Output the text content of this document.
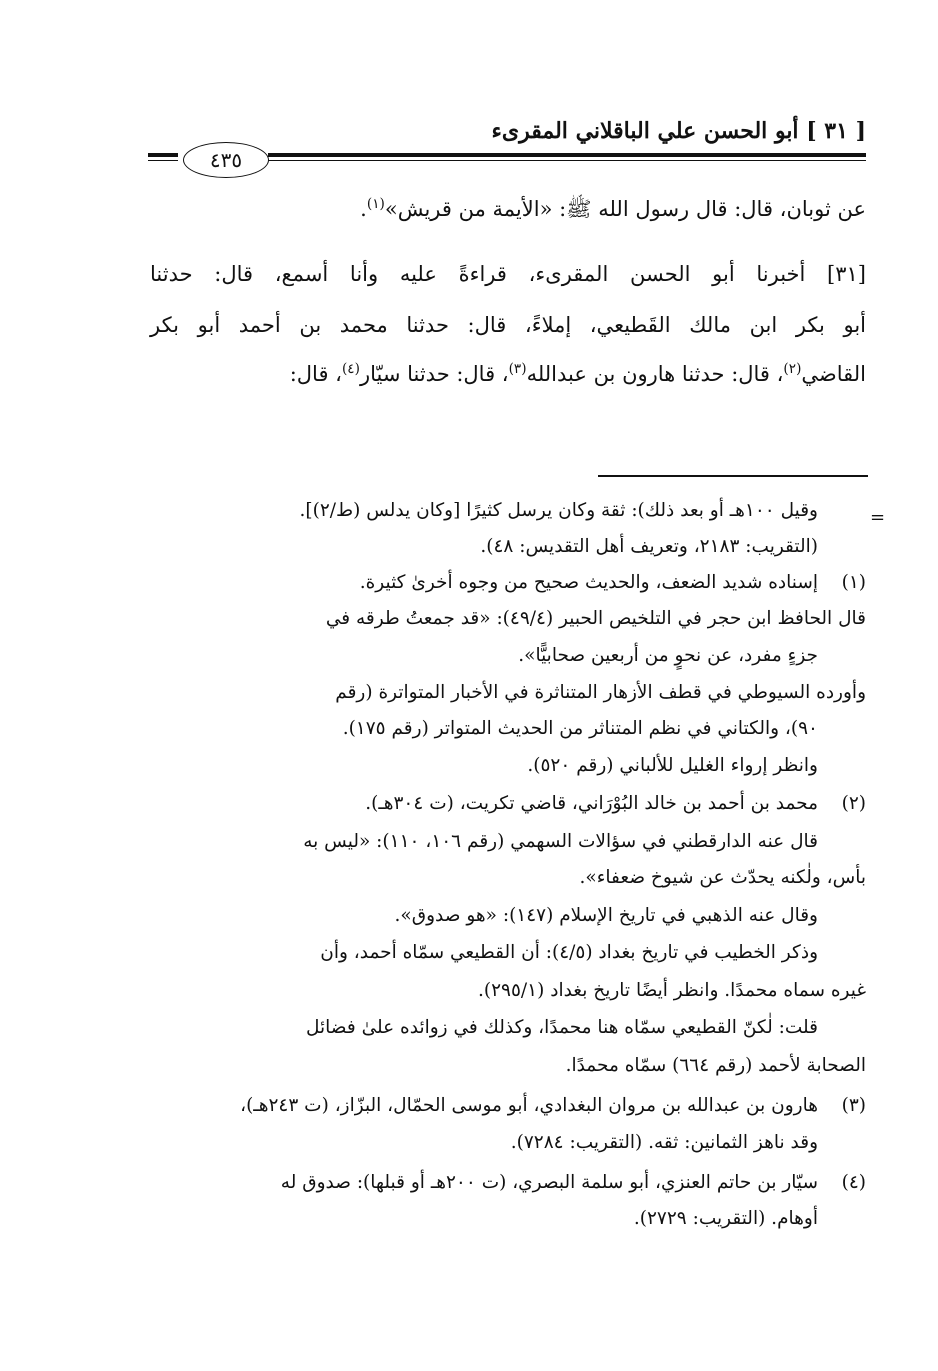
[ ٣١ ] أبو الحسن علي الباقلاني المقرىء
٤٣٥
عن ثوبان، قال: قال رسول الله ﷺ: «الأيمة من قريش»$^{(١)}$.
[٣١] أخبرنا أبو الحسن المقرىء، قراءةً عليه وأنا أسمع، قال: حدثنا
أبو بكر ابن مالك القَطيعي، إملاءً، قال: حدثنا محمد بن أحمد أبو بكر
القاضي$^{(٢)}$، قال: حدثنا هارون بن عبدالله$^{(٣)}$، قال: حدثنا سيّار$^{(٤)}$، قال:
=
وقيل ١٠٠هـ أو بعد ذلك): ثقة وكان يرسل كثيرًا [وكان يدلس (ط/٢)].
(التقريب: ٢١٨٣، وتعريف أهل التقديس: ٤٨).
(١)
إسناده شديد الضعف، والحديث صحيح من وجوه أخرىٰ كثيرة.
قال الحافظ ابن حجر في التلخيص الحبير (٤٩/٤): «قد جمعتُ طرقه في
جزءٍ مفرد، عن نحوٍ من أربعين صحابيًّا».
وأورده السيوطي في قطف الأزهار المتناثرة في الأخبار المتواترة (رقم
٩٠)، والكتاني في نظم المتناثر من الحديث المتواتر (رقم ١٧٥).
وانظر إرواء الغليل للألباني (رقم ٥٢٠).
(٢)
محمد بن أحمد بن خالد البُوْرَاني، قاضي تكريت، (ت ٣٠٤هـ).
قال عنه الدارقطني في سؤالات السهمي (رقم ١٠٦، ١١٠): «ليس به
بأس، ولٰكنه يحدّث عن شيوخ ضعفاء».
وقال عنه الذهبي في تاريخ الإسلام (١٤٧): «هو صدوق».
وذكر الخطيب في تاريخ بغداد (٤/٥): أن القطيعي سمّاه أحمد، وأن
غيره سماه محمدًا. وانظر أيضًا تاريخ بغداد (٢٩٥/١).
قلت: لٰكنّ القطيعي سمّاه هنا محمدًا، وكذلك في زوائده علىٰ فضائل
الصحابة لأحمد (رقم ٦٦٤) سمّاه محمدًا.
(٣)
هارون بن عبدالله بن مروان البغدادي، أبو موسى الحمّال، البزّاز، (ت ٢٤٣هـ)،
وقد ناهز الثمانين: ثقه. (التقريب: ٧٢٨٤).
(٤)
سيّار بن حاتم العنزي، أبو سلمة البصري، (ت ٢٠٠هـ أو قبلها): صدوق له
أوهام. (التقريب: ٢٧٢٩).
